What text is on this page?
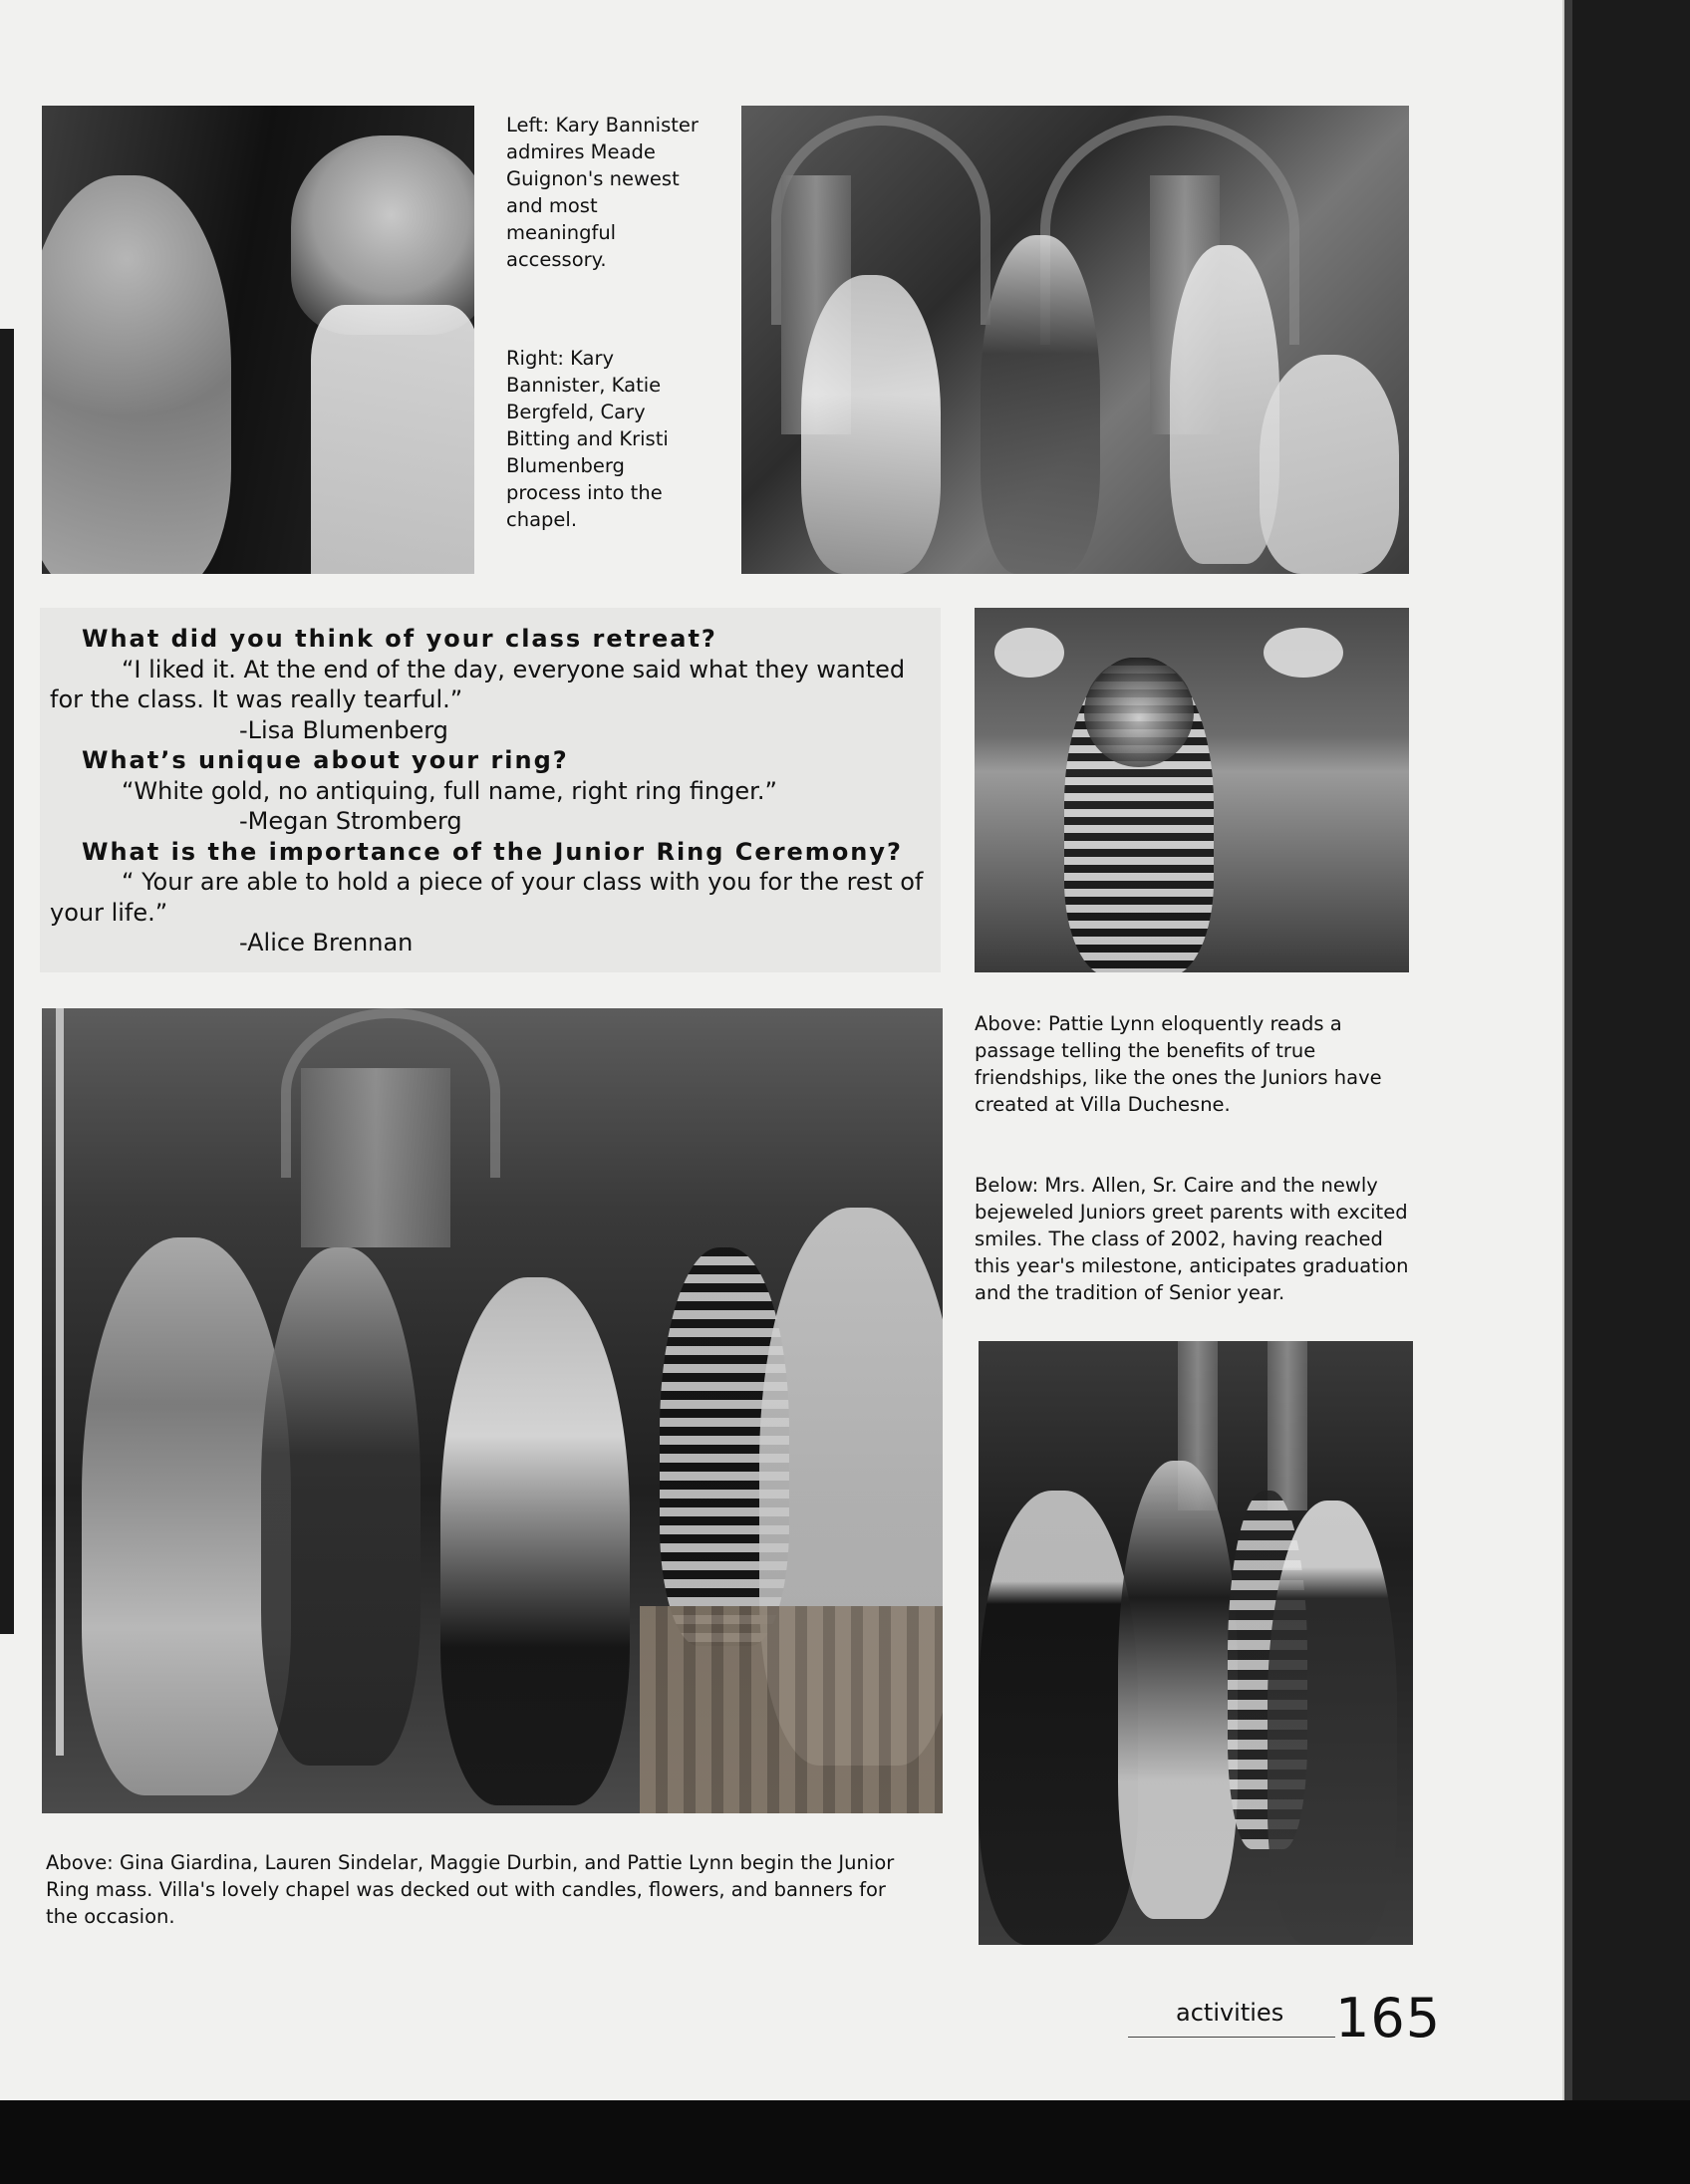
Left: Kary Bannister admires Meade Guignon's newest and most meaningful accessory.
Right: Kary Bannister, Katie Bergfeld, Cary Bitting and Kristi Blumenberg process into the chapel.
What did you think of your class retreat?
“I liked it. At the end of the day, everyone said what they wanted for the class. It was really tearful.”
-Lisa Blumenberg
What’s unique about your ring?
“White gold, no antiquing, full name, right ring finger.”
-Megan Stromberg
What is the importance of the Junior Ring Ceremony?
“ Your are able to hold a piece of your class with you for the rest of your life.”
-Alice Brennan
Above: Pattie Lynn eloquently reads a passage telling the benefits of true friendships, like the ones the Juniors have created at Villa Duchesne.
Below: Mrs. Allen, Sr. Caire and the newly bejeweled Juniors greet parents with excited smiles. The class of 2002, having reached this year's milestone, anticipates graduation and the tradition of Senior year.
Above: Gina Giardina, Lauren Sindelar, Maggie Durbin, and Pattie Lynn begin the Junior Ring mass. Villa's lovely chapel was decked out with candles, flowers, and banners for the occasion.
activities 165
